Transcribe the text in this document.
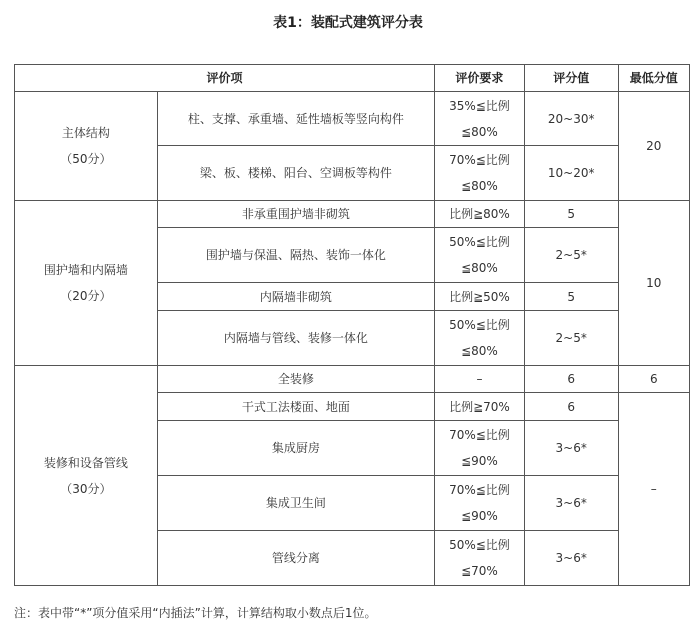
表1：装配式建筑评分表
评价项		评价要求	评分值	最低分值

主体结构
（50分）	柱、支撑、承重墙、延性墙板等竖向构件	35%≦比例≦80%	20~30*	20
	梁、板、楼梯、阳台、空调板等构件	70%≦比例≦80%	10~20*	

围护墙和内隔墙
（20分）	非承重围护墙非砌筑	比例≧80%	5	10
	围护墙与保温、隔热、装饰一体化	50%≦比例≦80%	2~5*	
	内隔墙非砌筑	比例≧50%	5	
	内隔墙与管线、装修一体化	50%≦比例≦80%	2~5*	

装修和设备管线
（30分）	全装修	–	6	6
	干式工法楼面、地面	比例≧70%	6	–
	集成厨房	70%≦比例≦90%	3~6*	
	集成卫生间	70%≦比例≦90%	3~6*	
	管线分离	50%≦比例≦70%	3~6*	
注：表中带“*”项分值采用“内插法”计算，计算结构取小数点后1位。
